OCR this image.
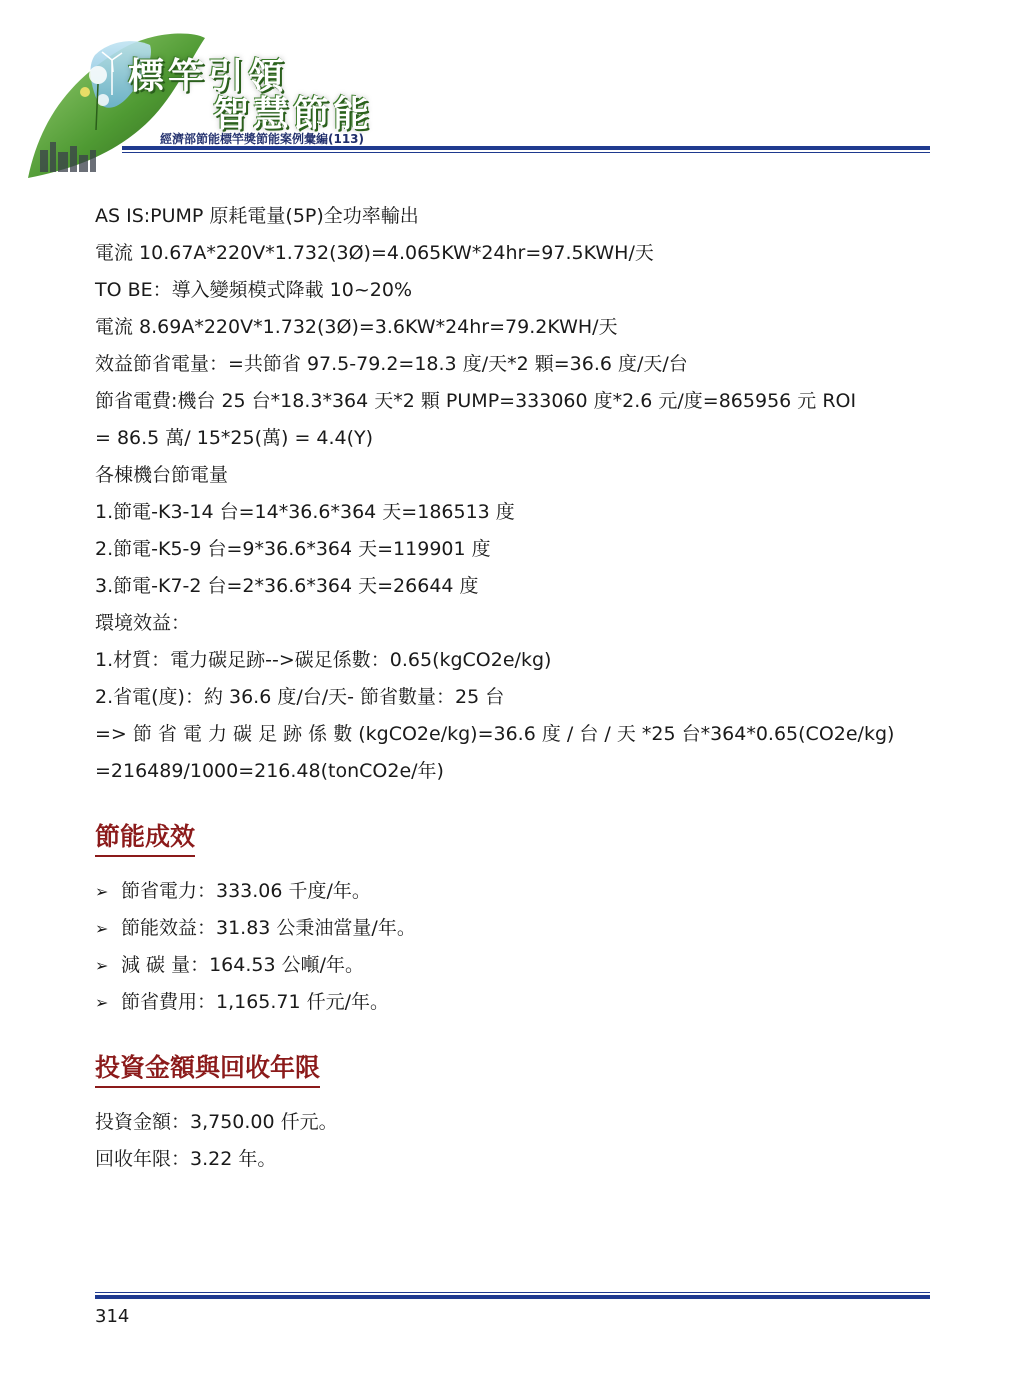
標竿引領
智慧節能
經濟部節能標竿獎節能案例彙編(113)
AS IS:PUMP 原耗電量(5P)全功率輸出
電流 10.67A*220V*1.732(3Ø)=4.065KW*24hr=97.5KWH/天
TO BE：導入變頻模式降載 10~20%
電流 8.69A*220V*1.732(3Ø)=3.6KW*24hr=79.2KWH/天
效益節省電量：=共節省 97.5-79.2=18.3 度/天*2 顆=36.6 度/天/台
節省電費:機台 25 台*18.3*364 天*2 顆 PUMP=333060 度*2.6 元/度=865956 元 ROI
= 86.5 萬/ 15*25(萬) = 4.4(Y)
各棟機台節電量
1.節電-K3-14 台=14*36.6*364 天=186513 度
2.節電-K5-9 台=9*36.6*364 天=119901 度
3.節電-K7-2 台=2*36.6*364 天=26644 度
環境效益：
1.材質：電力碳足跡-->碳足係數：0.65(kgCO2e/kg)
2.省電(度)：約 36.6 度/台/天- 節省數量：25 台
=> 節 省 電 力 碳 足 跡 係 數 (kgCO2e/kg)=36.6 度 / 台 / 天 *25 台*364*0.65(CO2e/kg)
=216489/1000=216.48(tonCO2e/年)
節能成效
➢ 節省電力：333.06 千度/年。
➢ 節能效益：31.83 公秉油當量/年。
➢ 減 碳 量：164.53 公噸/年。
➢ 節省費用：1,165.71 仟元/年。
投資金額與回收年限
投資金額：3,750.00 仟元。
回收年限：3.22 年。
314
